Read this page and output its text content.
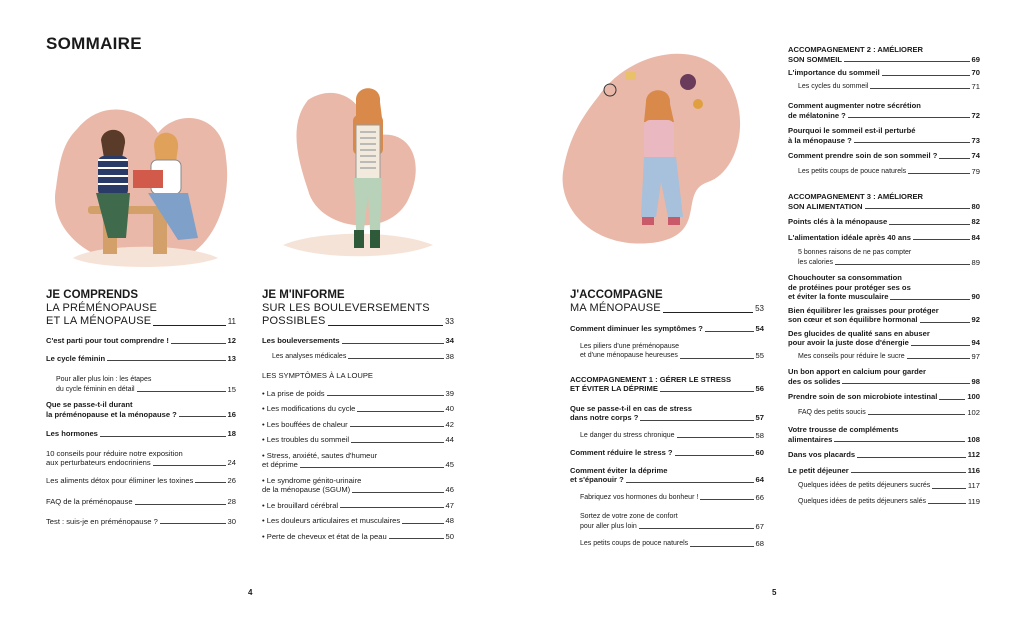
SOMMAIRE
JE COMPRENDS
LA PRÉMÉNOPAUSE
ET LA MÉNOPAUSE	11
JE M'INFORME
SUR LES BOULEVERSEMENTS
POSSIBLES	33
J'ACCOMPAGNE
MA MÉNOPAUSE	53
C'est parti pour tout comprendre !	12
Le cycle féminin	13
Pour aller plus loin : les étapes
du cycle féminin en détail	15
Que se passe-t-il durant
la préménopause et la ménopause ?	16
Les hormones	18
10 conseils pour réduire notre exposition
aux perturbateurs endocriniens	24
Les aliments détox pour éliminer les toxines	26
FAQ de la préménopause	28
Test : suis-je en préménopause ?	30
Les bouleversements	34
Les analyses médicales	38
LES SYMPTÔMES À LA LOUPE
• La prise de poids	39
• Les modifications du cycle	40
• Les bouffées de chaleur	42
• Les troubles du sommeil	44
• Stress, anxiété, sautes d'humeur
et déprime	45
• Le syndrome génito-urinaire
de la ménopause (SGUM)	46
• Le brouillard cérébral	47
• Les douleurs articulaires et musculaires	48
• Perte de cheveux et état de la peau	50
Comment diminuer les symptômes ?	54
Les piliers d'une préménopause
et d'une ménopause heureuses	55
ACCOMPAGNEMENT 1 : GÉRER LE STRESS
ET ÉVITER LA DÉPRIME	56
Que se passe-t-il en cas de stress
dans notre corps ?	57
Le danger du stress chronique	58
Comment réduire le stress ?	60
Comment éviter la déprime
et s'épanouir ?	64
Fabriquez vos hormones du bonheur !	66
Sortez de votre zone de confort
pour aller plus loin	67
Les petits coups de pouce naturels	68
ACCOMPAGNEMENT 2 : AMÉLIORER
SON SOMMEIL	69
L'importance du sommeil	70
Les cycles du sommeil	71
Comment augmenter notre sécrétion
de mélatonine ?	72
Pourquoi le sommeil est-il perturbé
à la ménopause ?	73
Comment prendre soin de son sommeil ?	74
Les petits coups de pouce naturels	79
ACCOMPAGNEMENT 3 : AMÉLIORER
SON ALIMENTATION	80
Points clés à la ménopause	82
L'alimentation idéale après 40 ans	84
5 bonnes raisons de ne pas compter
les calories	89
Chouchouter sa consommation
de protéines pour protéger ses os
et éviter la fonte musculaire	90
Bien équilibrer les graisses pour protéger
son cœur et son équilibre hormonal	92
Des glucides de qualité sans en abuser
pour avoir la juste dose d'énergie	94
Mes conseils pour réduire le sucre	97
Un bon apport en calcium pour garder
des os solides	98
Prendre soin de son microbiote intestinal	100
FAQ des petits soucis	102
Votre trousse de compléments
alimentaires	108
Dans vos placards	112
Le petit déjeuner	116
Quelques idées de petits déjeuners sucrés	117
Quelques idées de petits déjeuners salés	119
4	5
